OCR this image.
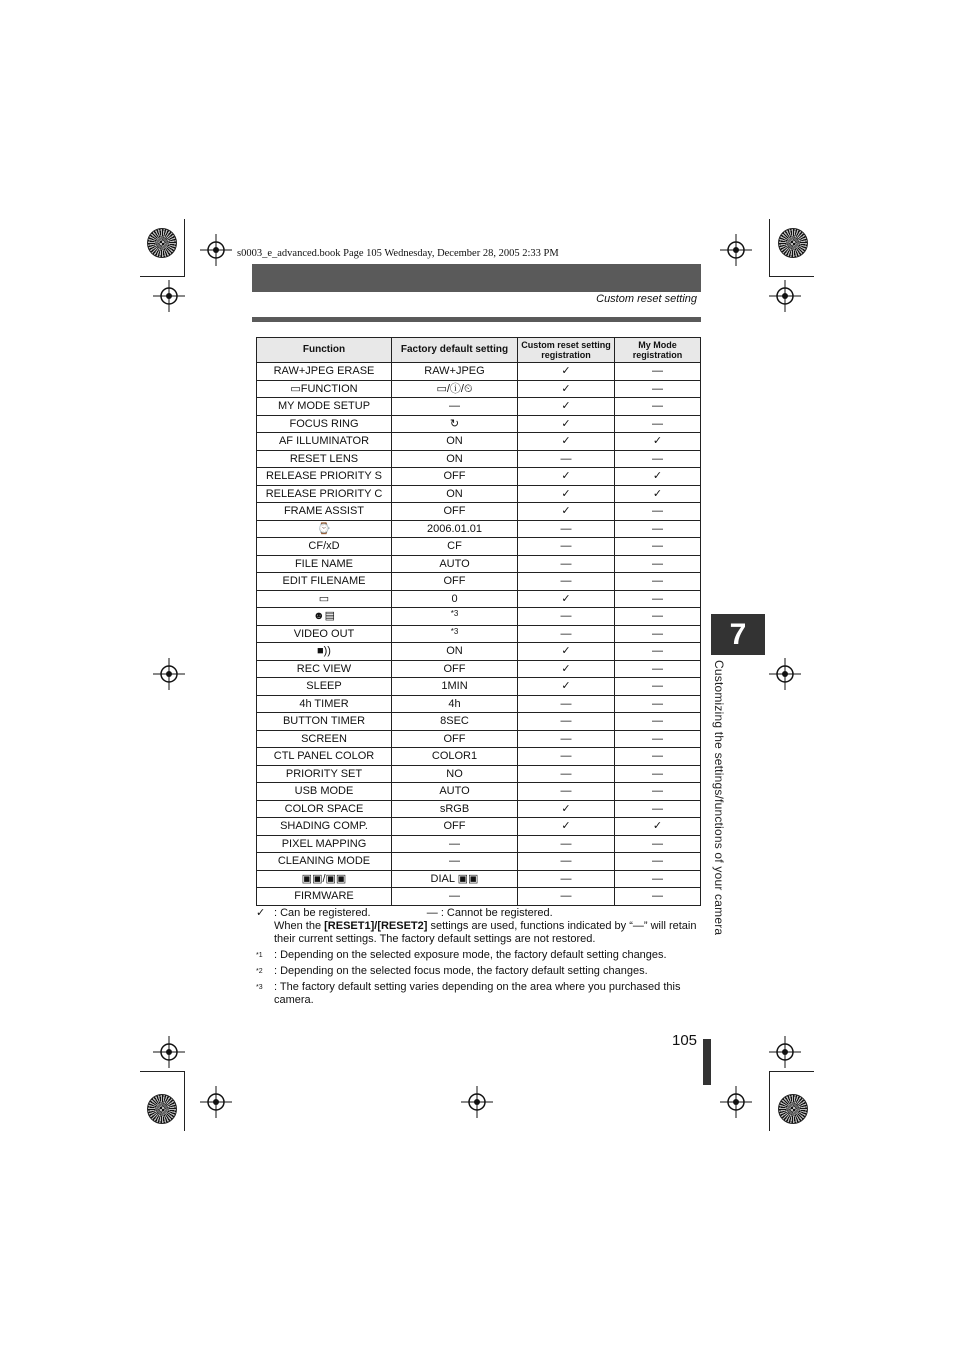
s0003_e_advanced.book Page 105 Wednesday, December 28, 2005 2:33 PM
Custom reset setting
Function	Factory default setting	Custom reset setting registration	My Mode registration
RAW+JPEG ERASE	RAW+JPEG	✓	—
▭FUNCTION	▭/ⓘ/⏲	✓	—
MY MODE SETUP	—	✓	—
FOCUS RING	↻	✓	—
AF ILLUMINATOR	ON	✓	✓
RESET LENS	ON	—	—
RELEASE PRIORITY S	OFF	✓	✓
RELEASE PRIORITY C	ON	✓	✓
FRAME ASSIST	OFF	✓	—
⌚	2006.01.01	—	—
CF/xD	CF	—	—
FILE NAME	AUTO	—	—
EDIT FILENAME	OFF	—	—
▭	0	✓	—
☻▤	*3	—	—
VIDEO OUT	*3	—	—
■))	ON	✓	—
REC VIEW	OFF	✓	—
SLEEP	1MIN	✓	—
4h TIMER	4h	—	—
BUTTON TIMER	8SEC	—	—
SCREEN	OFF	—	—
CTL PANEL COLOR	COLOR1	—	—
PRIORITY SET	NO	—	—
USB MODE	AUTO	—	—
COLOR SPACE	sRGB	✓	—
SHADING COMP.	OFF	✓	✓
PIXEL MAPPING	—	—	—
CLEANING MODE	—	—	—
▣▣/▣▣	DIAL ▣▣	—	—
FIRMWARE	—	—	—
✓ : Can be registered.	— : Cannot be registered.
When the [RESET1]/[RESET2] settings are used, functions indicated by “—” will retain their current settings. The factory default settings are not restored.
*1 : Depending on the selected exposure mode, the factory default setting changes.
*2 : Depending on the selected focus mode, the factory default setting changes.
*3 : The factory default setting varies depending on the area where you purchased this camera.
7
Customizing the settings/functions of your camera
105
